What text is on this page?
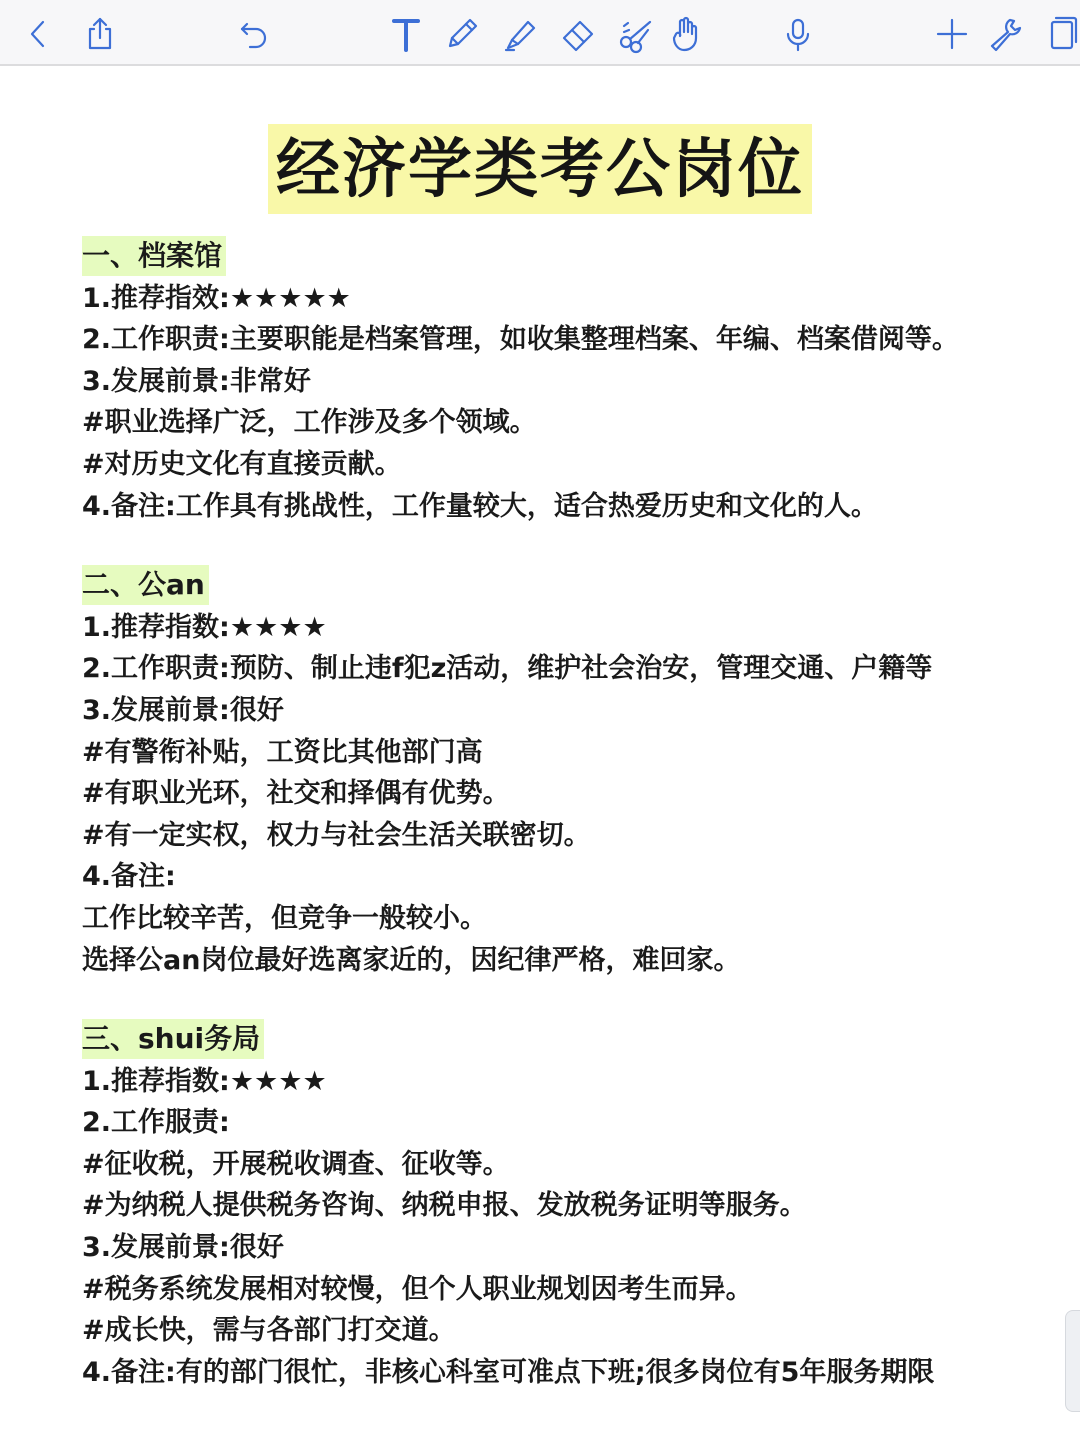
经济学类考公岗位
一、档案馆
1.推荐指效:★★★★★
2.工作职责:主要职能是档案管理，如收集整理档案、年编、档案借阅等。
3.发展前景:非常好
#职业选择广泛，工作涉及多个领域。
#对历史文化有直接贡献。
4.备注:工作具有挑战性，工作量较大，适合热爱历史和文化的人。
二、公an
1.推荐指数:★★★★
2.工作职责:预防、制止违f犯z活动，维护社会治安，管理交通、户籍等
3.发展前景:很好
#有警衔补贴，工资比其他部门高
#有职业光环，社交和择偶有优势。
#有一定实权，权力与社会生活关联密切。
4.备注:
工作比较辛苦，但竞争一般较小。
选择公an岗位最好选离家近的，因纪律严格，难回家。
三、shui务局
1.推荐指数:★★★★
2.工作服责:
#征收税，开展税收调查、征收等。
#为纳税人提供税务咨询、纳税申报、发放税务证明等服务。
3.发展前景:很好
#税务系统发展相对较慢，但个人职业规划因考生而异。
#成长快，需与各部门打交道。
4.备注:有的部门很忙，非核心科室可准点下班;很多岗位有5年服务期限
